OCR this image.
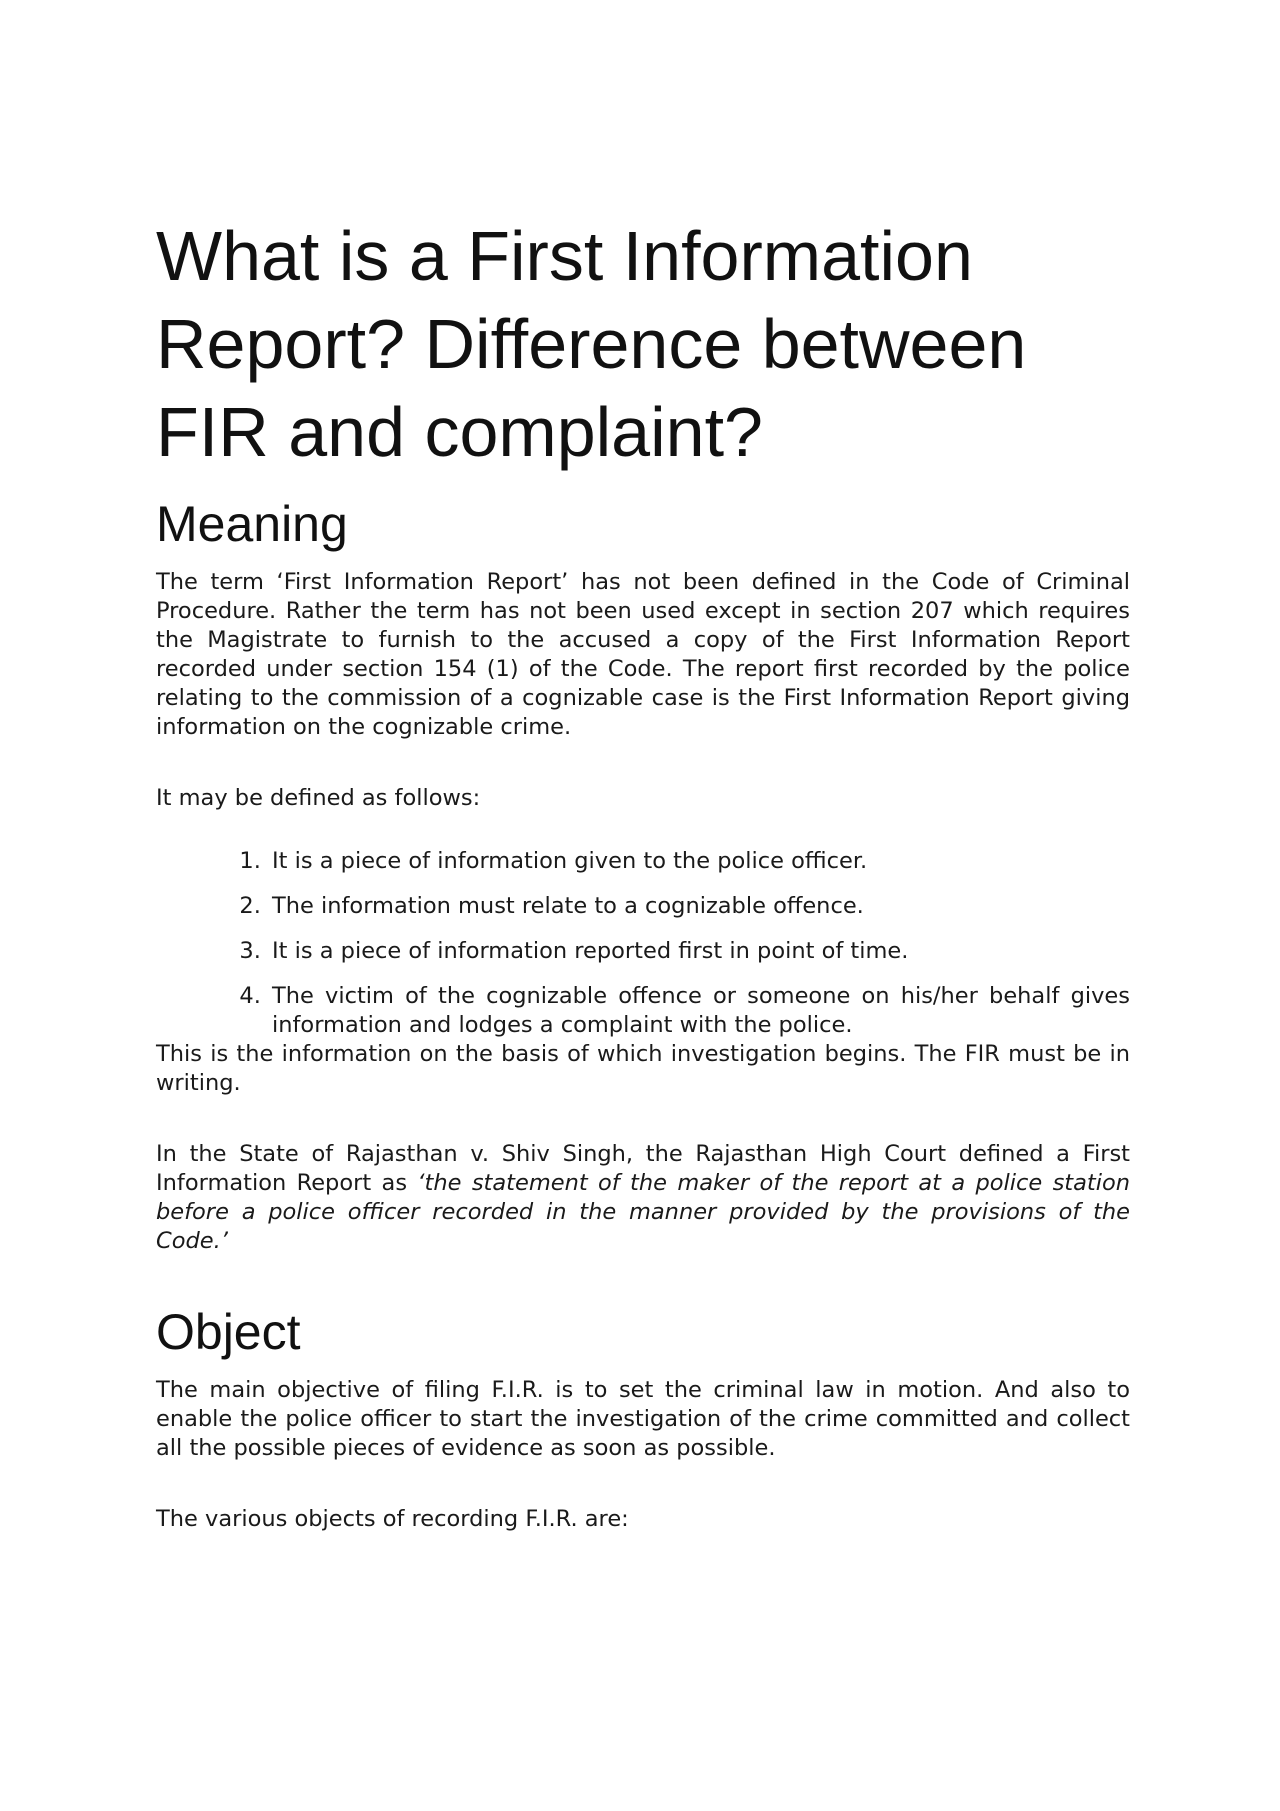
What is a First Information Report? Difference between FIR and complaint?
Meaning

The term ‘First Information Report’ has not been defined in the Code of Criminal Procedure. Rather the term has not been used except in section 207 which requires the Magistrate to furnish to the accused a copy of the First Information Report recorded under section 154 (1) of the Code. The report first recorded by the police relating to the commission of a cognizable case is the First Information Report giving information on the cognizable crime.

It may be defined as follows:

1. It is a piece of information given to the police officer.
2. The information must relate to a cognizable offence.
3. It is a piece of information reported first in point of time.
4. The victim of the cognizable offence or someone on his/her behalf gives information and lodges a complaint with the police.

This is the information on the basis of which investigation begins. The FIR must be in writing.

In the State of Rajasthan v. Shiv Singh, the Rajasthan High Court defined a First Information Report as ‘the statement of the maker of the report at a police station before a police officer recorded in the manner provided by the provisions of the Code.’

Object

The main objective of filing F.I.R. is to set the criminal law in motion. And also to enable the police officer to start the investigation of the crime committed and collect all the possible pieces of evidence as soon as possible.

The various objects of recording F.I.R. are:
